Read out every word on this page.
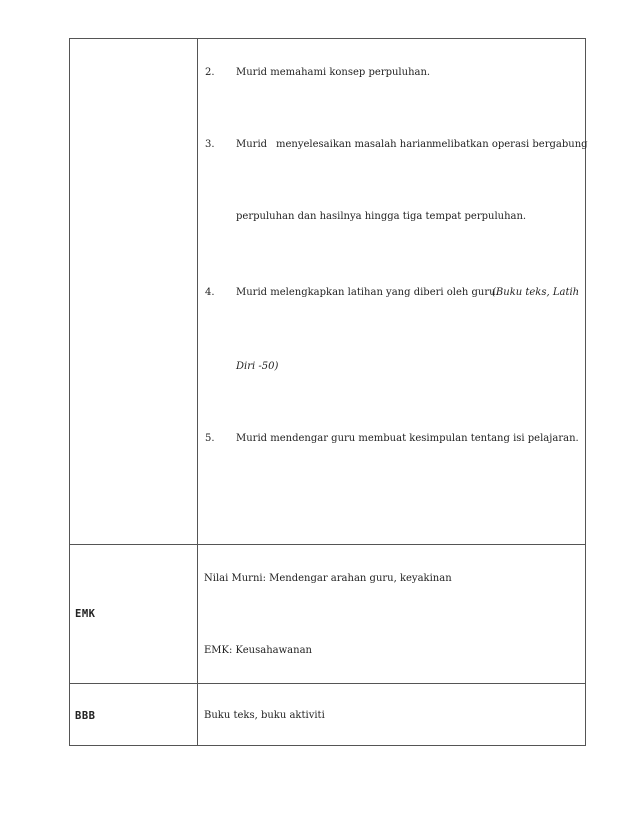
2. Murid memahami konsep perpuluhan.
3. Murid menyelesaikan masalah harian melibatkan operasi bergabung
perpuluhan dan hasilnya hingga tiga tempat perpuluhan.
4. Murid melengkapkan latihan yang diberi oleh guru.
(Buku teks, Latih
Diri -50)
5. Murid mendengar guru membuat kesimpulan tentang isi pelajaran.
EMK
Nilai Murni: Mendengar arahan guru, keyakinan
EMK: Keusahawanan
BBB	Buku teks, buku aktiviti
